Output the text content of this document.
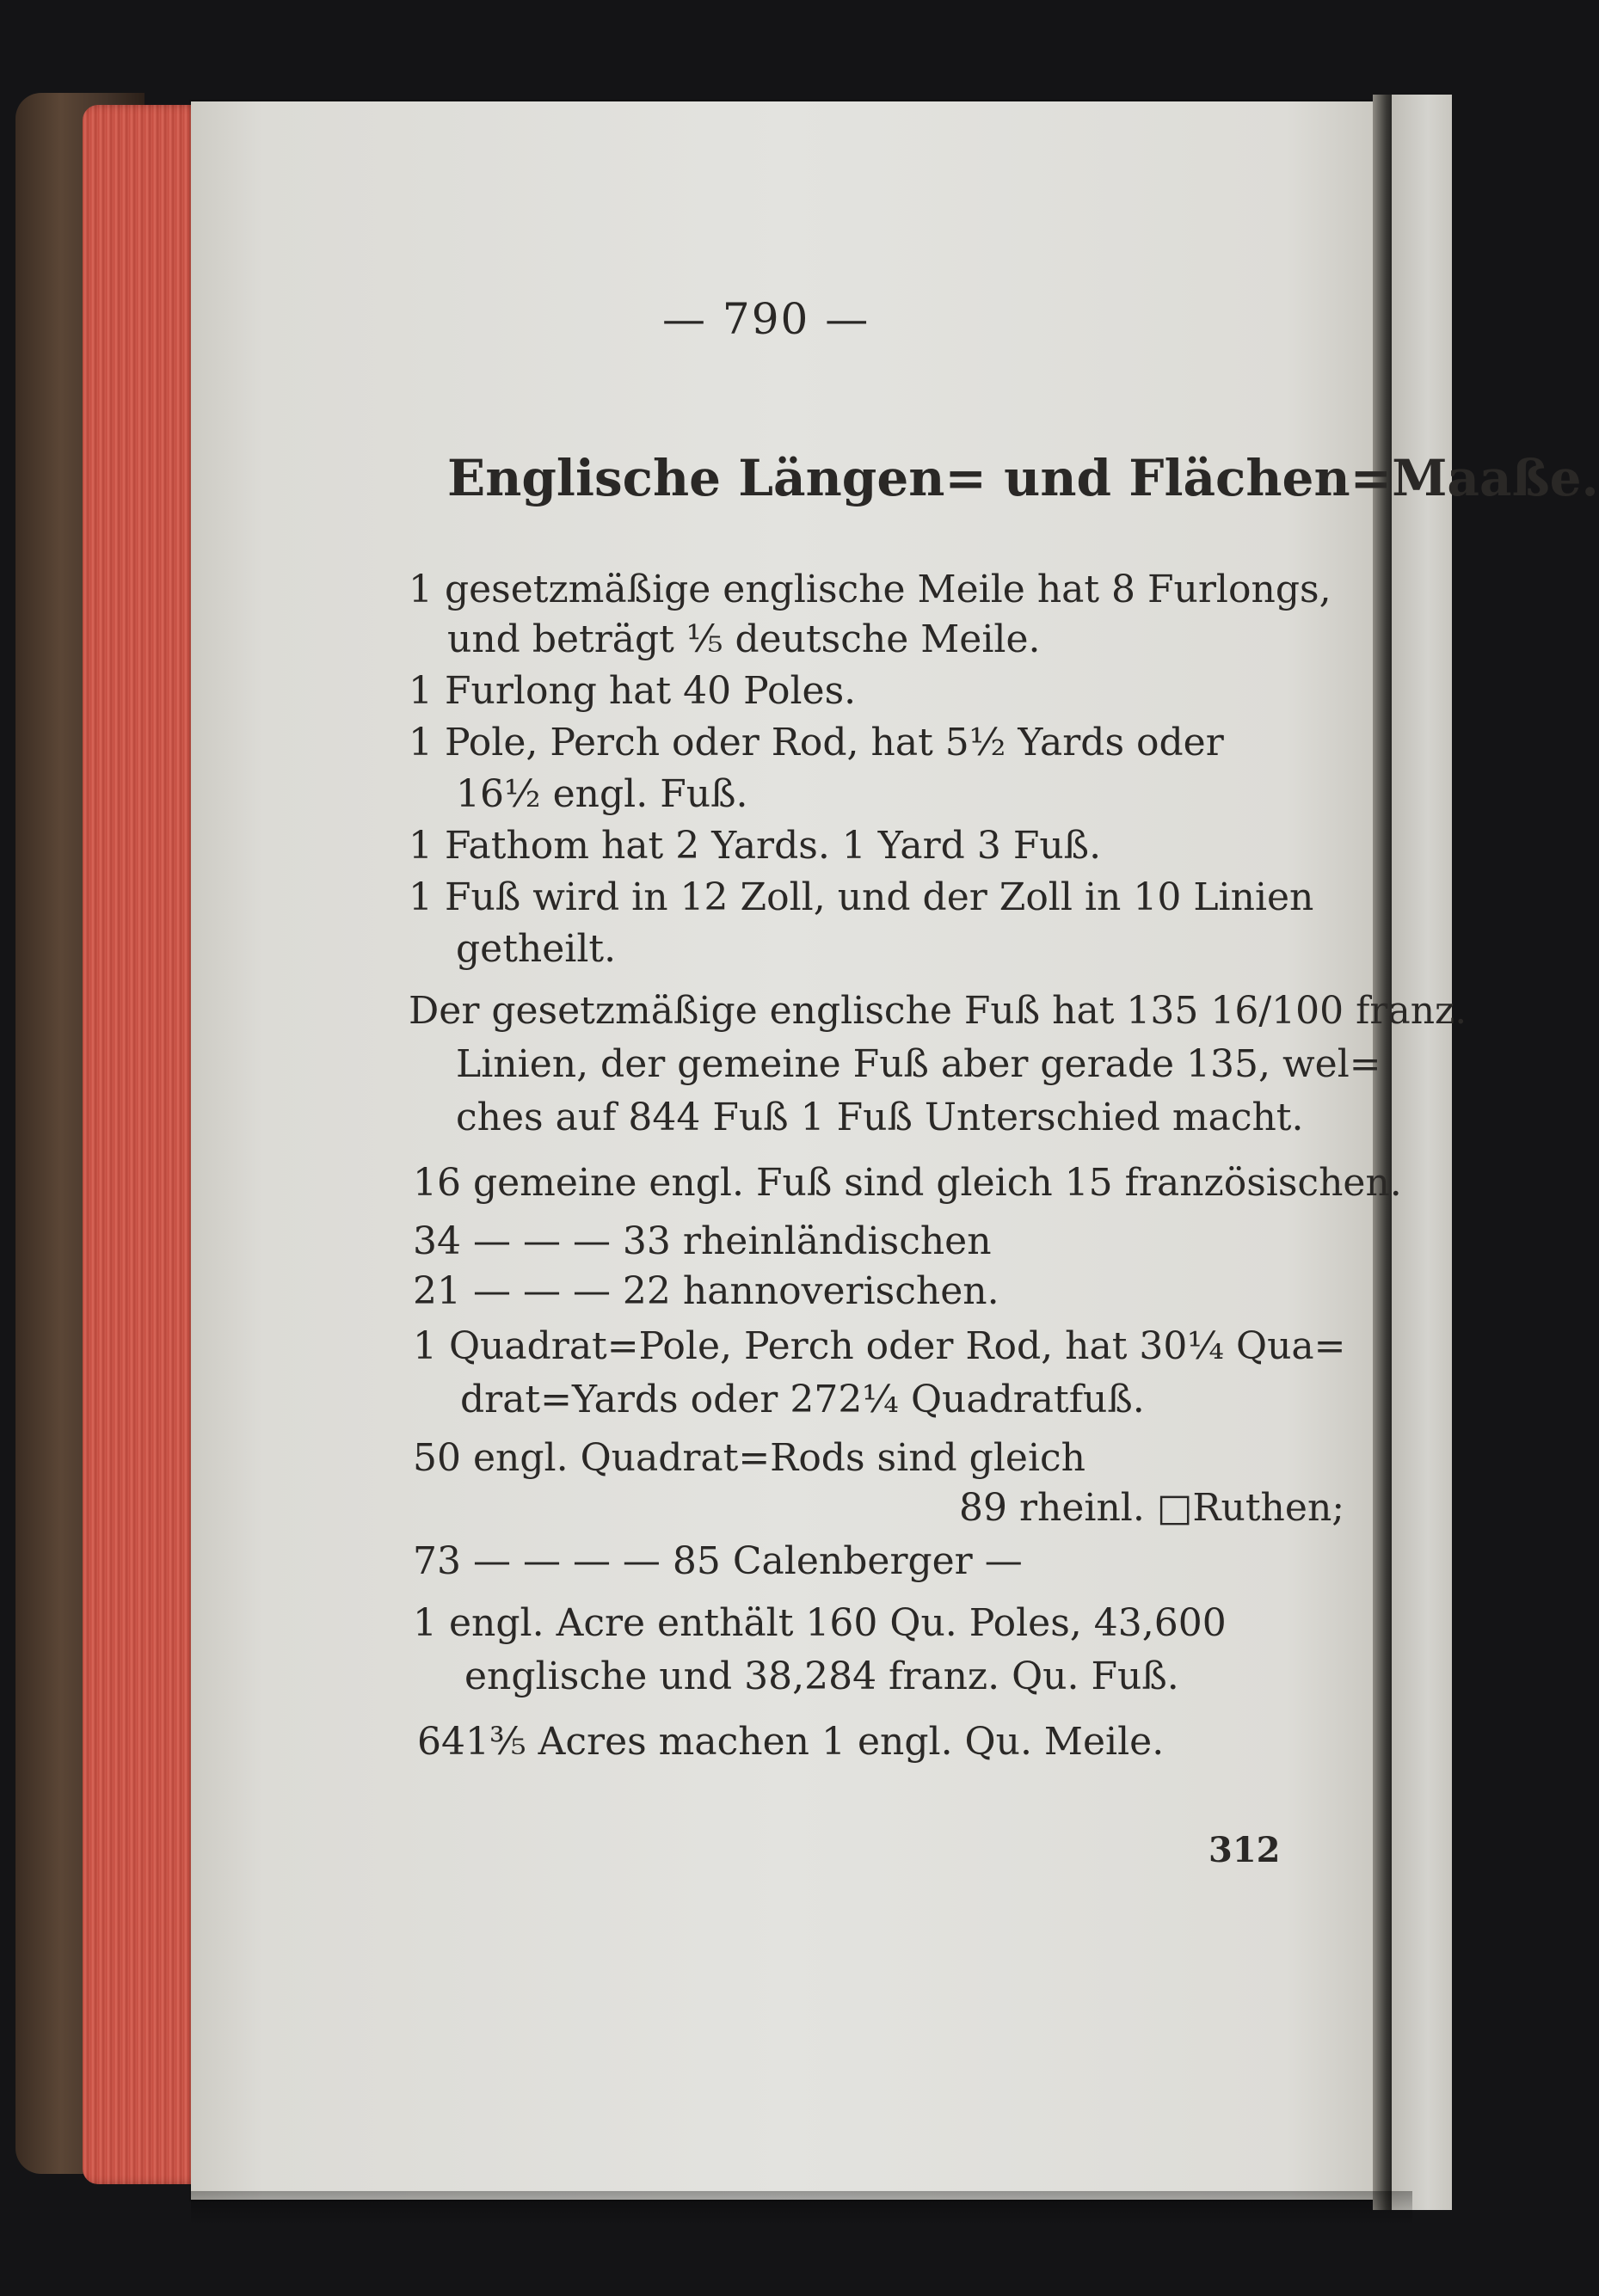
— 790 —
Englische Längen= und Flächen=Maaße.
1 gesetzmäßige englische Meile hat 8 Furlongs,
und beträgt ⅕ deutsche Meile.
1 Furlong hat 40 Poles.
1 Pole, Perch oder Rod, hat 5½ Yards oder
16½ engl. Fuß.
1 Fathom hat 2 Yards. 1 Yard 3 Fuß.
1 Fuß wird in 12 Zoll, und der Zoll in 10 Linien
getheilt.
Der gesetzmäßige englische Fuß hat 135 16/100 franz.
Linien, der gemeine Fuß aber gerade 135, wel=
ches auf 844 Fuß 1 Fuß Unterschied macht.
16 gemeine engl. Fuß sind gleich 15 französischen.
34 — — — 33 rheinländischen
21 — — — 22 hannoverischen.
1 Quadrat=Pole, Perch oder Rod, hat 30¼ Qua=
drat=Yards oder 272¼ Quadratfuß.
50 engl. Quadrat=Rods sind gleich
89 rheinl. □Ruthen;
73 — — — — 85 Calenberger —
1 engl. Acre enthält 160 Qu. Poles, 43,600
englische und 38,284 franz. Qu. Fuß.
641⅗ Acres machen 1 engl. Qu. Meile.
312
